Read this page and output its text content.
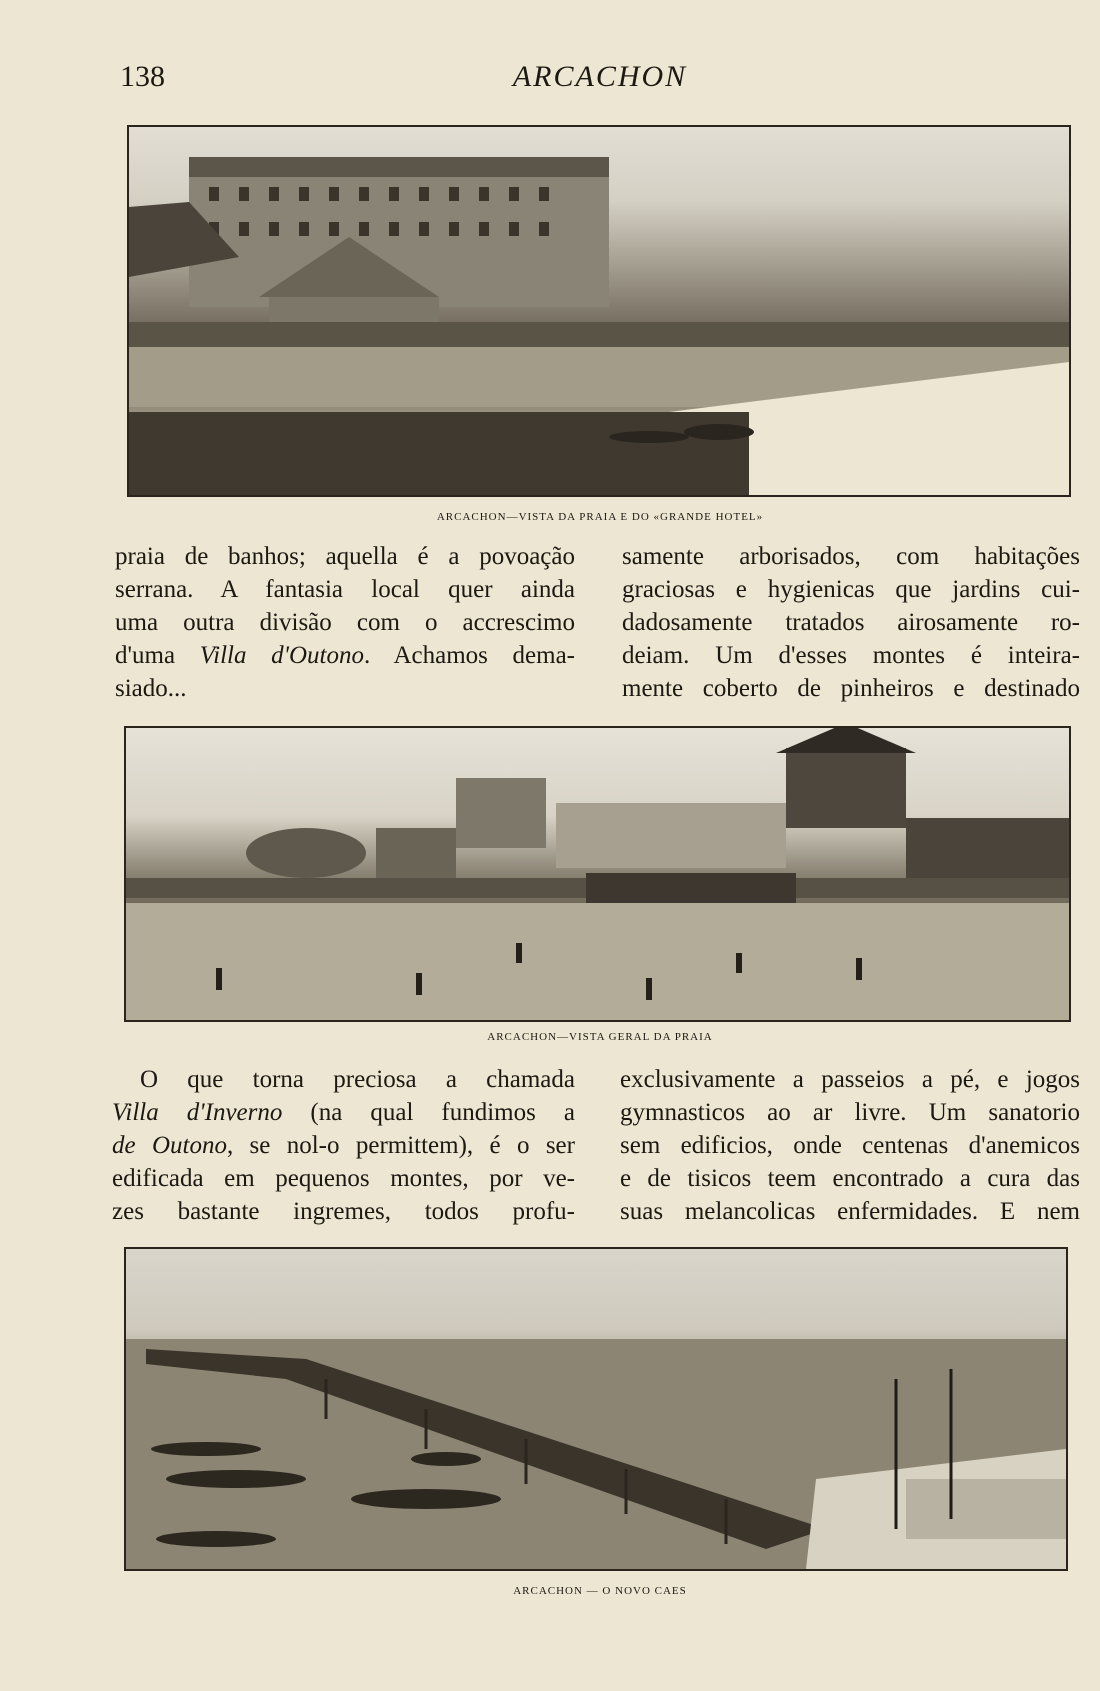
138	ARCACHON
ARCACHON—VISTA DA PRAIA E DO «GRANDE HOTEL»
praia de banhos; aquella é a povoação
serrana. A fantasia local quer ainda
uma outra divisão com o accrescimo
d'uma Villa d'Outono. Achamos dema-
siado...
samente arborisados, com habitações
graciosas e hygienicas que jardins cui-
dadosamente tratados airosamente ro-
deiam. Um d'esses montes é inteira-
mente coberto de pinheiros e destinado
ARCACHON—VISTA GERAL DA PRAIA
O que torna preciosa a chamada
Villa d'Inverno (na qual fundimos a
de Outono, se nol-o permittem), é o ser
edificada em pequenos montes, por ve-
zes bastante ingremes, todos profu-
exclusivamente a passeios a pé, e jogos
gymnasticos ao ar livre. Um sanatorio
sem edificios, onde centenas d'anemicos
e de tisicos teem encontrado a cura das
suas melancolicas enfermidades. E nem
ARCACHON — O NOVO CAES
